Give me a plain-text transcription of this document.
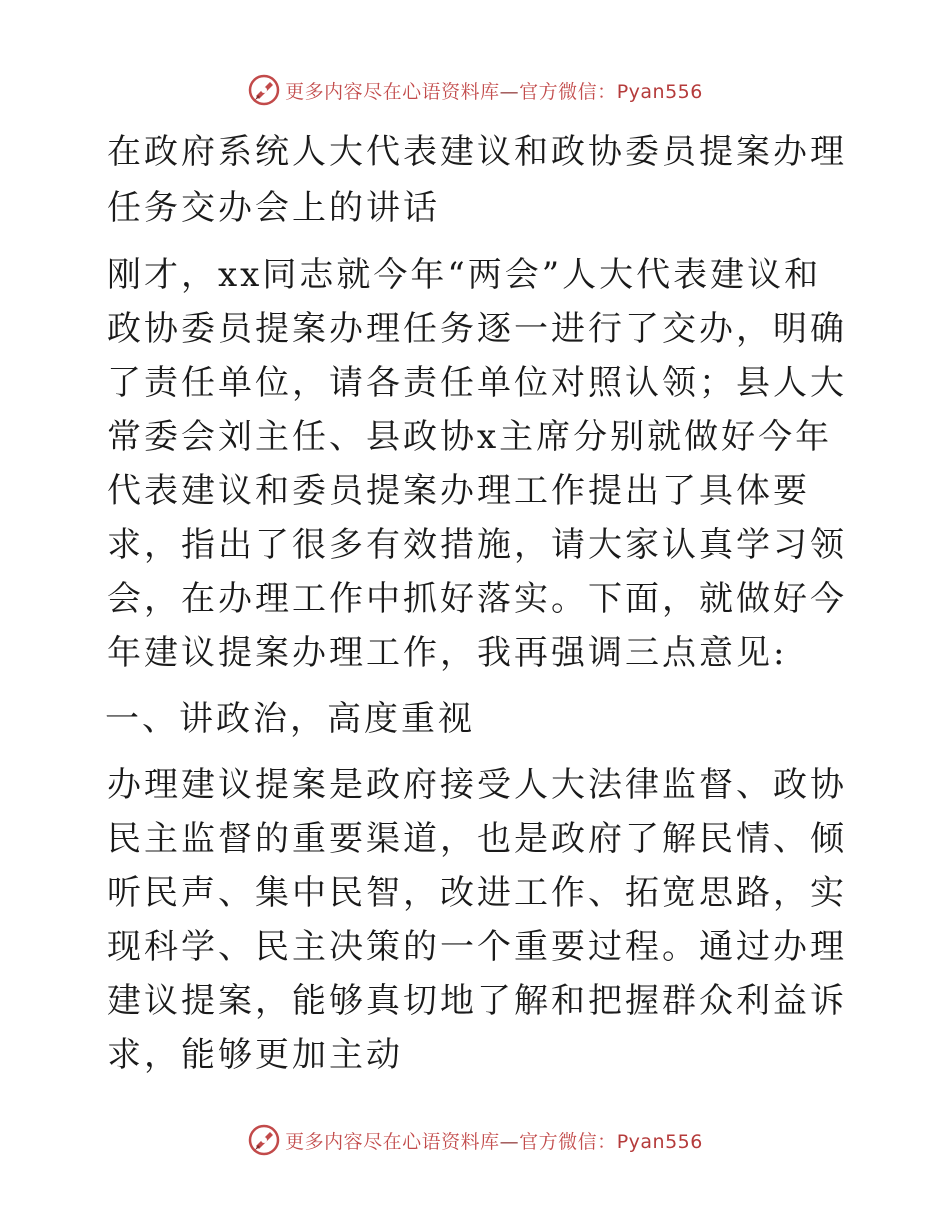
更多内容尽在心语资料库—官方微信：Pyan556

在政府系统人大代表建议和政协委员提案办理任务交办会上的讲话

刚才，xx同志就今年“两会”人大代表建议和政协委员提案办理任务逐一进行了交办，明确了责任单位，请各责任单位对照认领；县人大常委会刘主任、县政协x主席分别就做好今年代表建议和委员提案办理工作提出了具体要求，指出了很多有效措施，请大家认真学习领会，在办理工作中抓好落实。下面，就做好今年建议提案办理工作，我再强调三点意见:

一、讲政治，高度重视

办理建议提案是政府接受人大法律监督、政协民主监督的重要渠道，也是政府了解民情、倾听民声、集中民智，改进工作、拓宽思路，实现科学、民主决策的一个重要过程。通过办理建议提案，能够真切地了解和把握群众利益诉求，能够更加主动

更多内容尽在心语资料库—官方微信：Pyan556
